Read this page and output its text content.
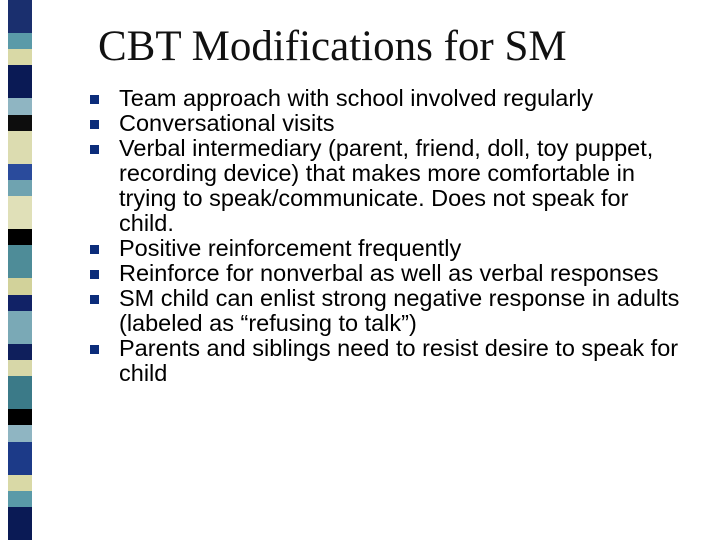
CBT Modifications for SM
Team approach with school involved regularly
Conversational visits
Verbal intermediary (parent, friend, doll, toy puppet, recording device) that makes more comfortable in trying to speak/communicate. Does not speak for child.
Positive reinforcement frequently
Reinforce for nonverbal as well as verbal responses
SM child can enlist strong negative response in adults (labeled as “refusing to talk”)
Parents and siblings need to resist desire to speak for child
